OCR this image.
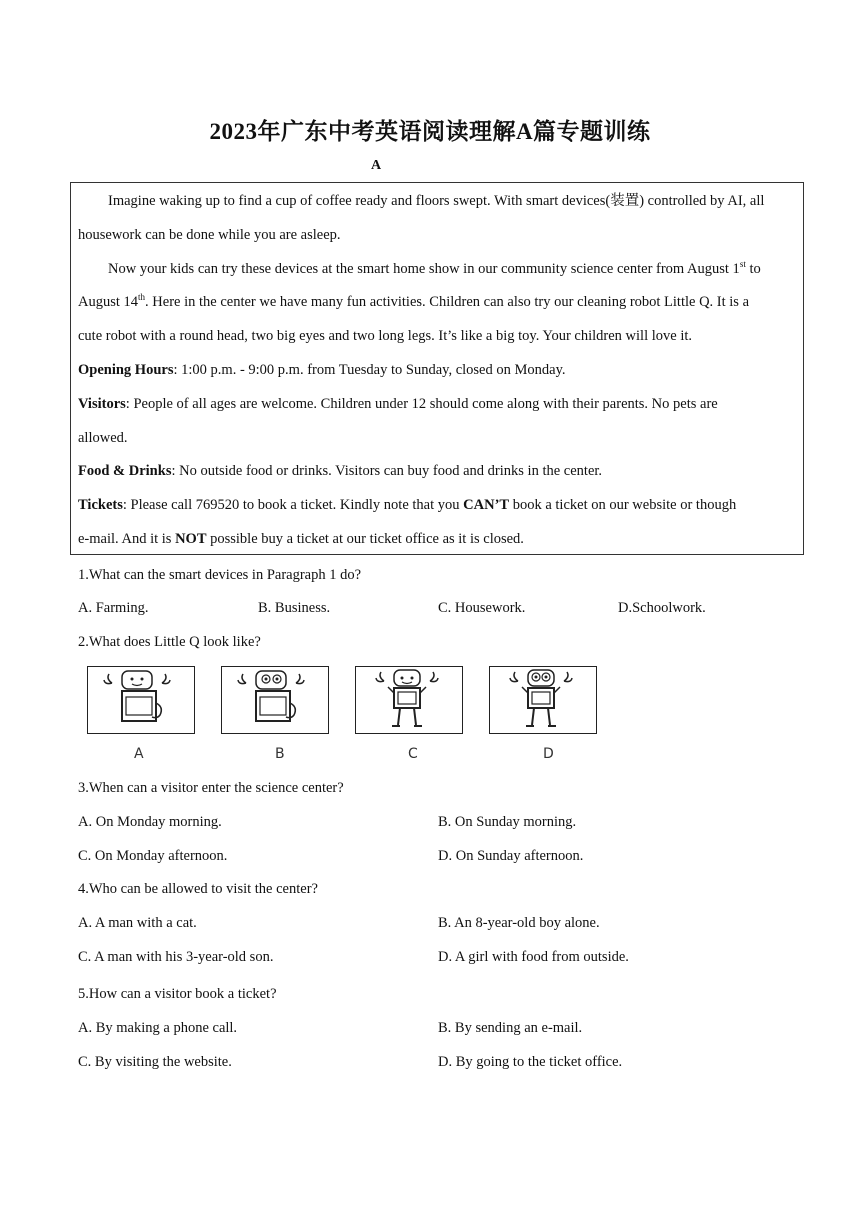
2023年广东中考英语阅读理解A篇专题训练
A
Imagine waking up to find a cup of coffee ready and floors swept. With smart devices(装置) controlled by AI, all
housework can be done while you are asleep.
Now your kids can try these devices at the smart home show in our community science center from August 1st to
August 14th. Here in the center we have many fun activities. Children can also try our cleaning robot Little Q. It is a
cute robot with a round head, two big eyes and two long legs. It’s like a big toy. Your children will love it.
Opening Hours: 1:00 p.m. - 9:00 p.m. from Tuesday to Sunday, closed on Monday.
Visitors: People of all ages are welcome. Children under 12 should come along with their parents. No pets are
allowed.
Food & Drinks: No outside food or drinks. Visitors can buy food and drinks in the center.
Tickets: Please call 769520 to book a ticket. Kindly note that you CAN’T book a ticket on our website or though
e-mail. And it is NOT possible buy a ticket at our ticket office as it is closed.
1.What can the smart devices in Paragraph 1 do?
A. Farming.	B. Business.	C. Housework.	D.Schoolwork.
2.What does Little Q look like?
A	B	C	D
3.When can a visitor enter the science center?
A. On Monday morning.	B. On Sunday morning.
C. On Monday afternoon.	D. On Sunday afternoon.
4.Who can be allowed to visit the center?
A. A man with a cat.	B. An 8-year-old boy alone.
C. A man with his 3-year-old son.	D. A girl with food from outside.
5.How can a visitor book a ticket?
A. By making a phone call.	B. By sending an e-mail.
C. By visiting the website.	D. By going to the ticket office.
